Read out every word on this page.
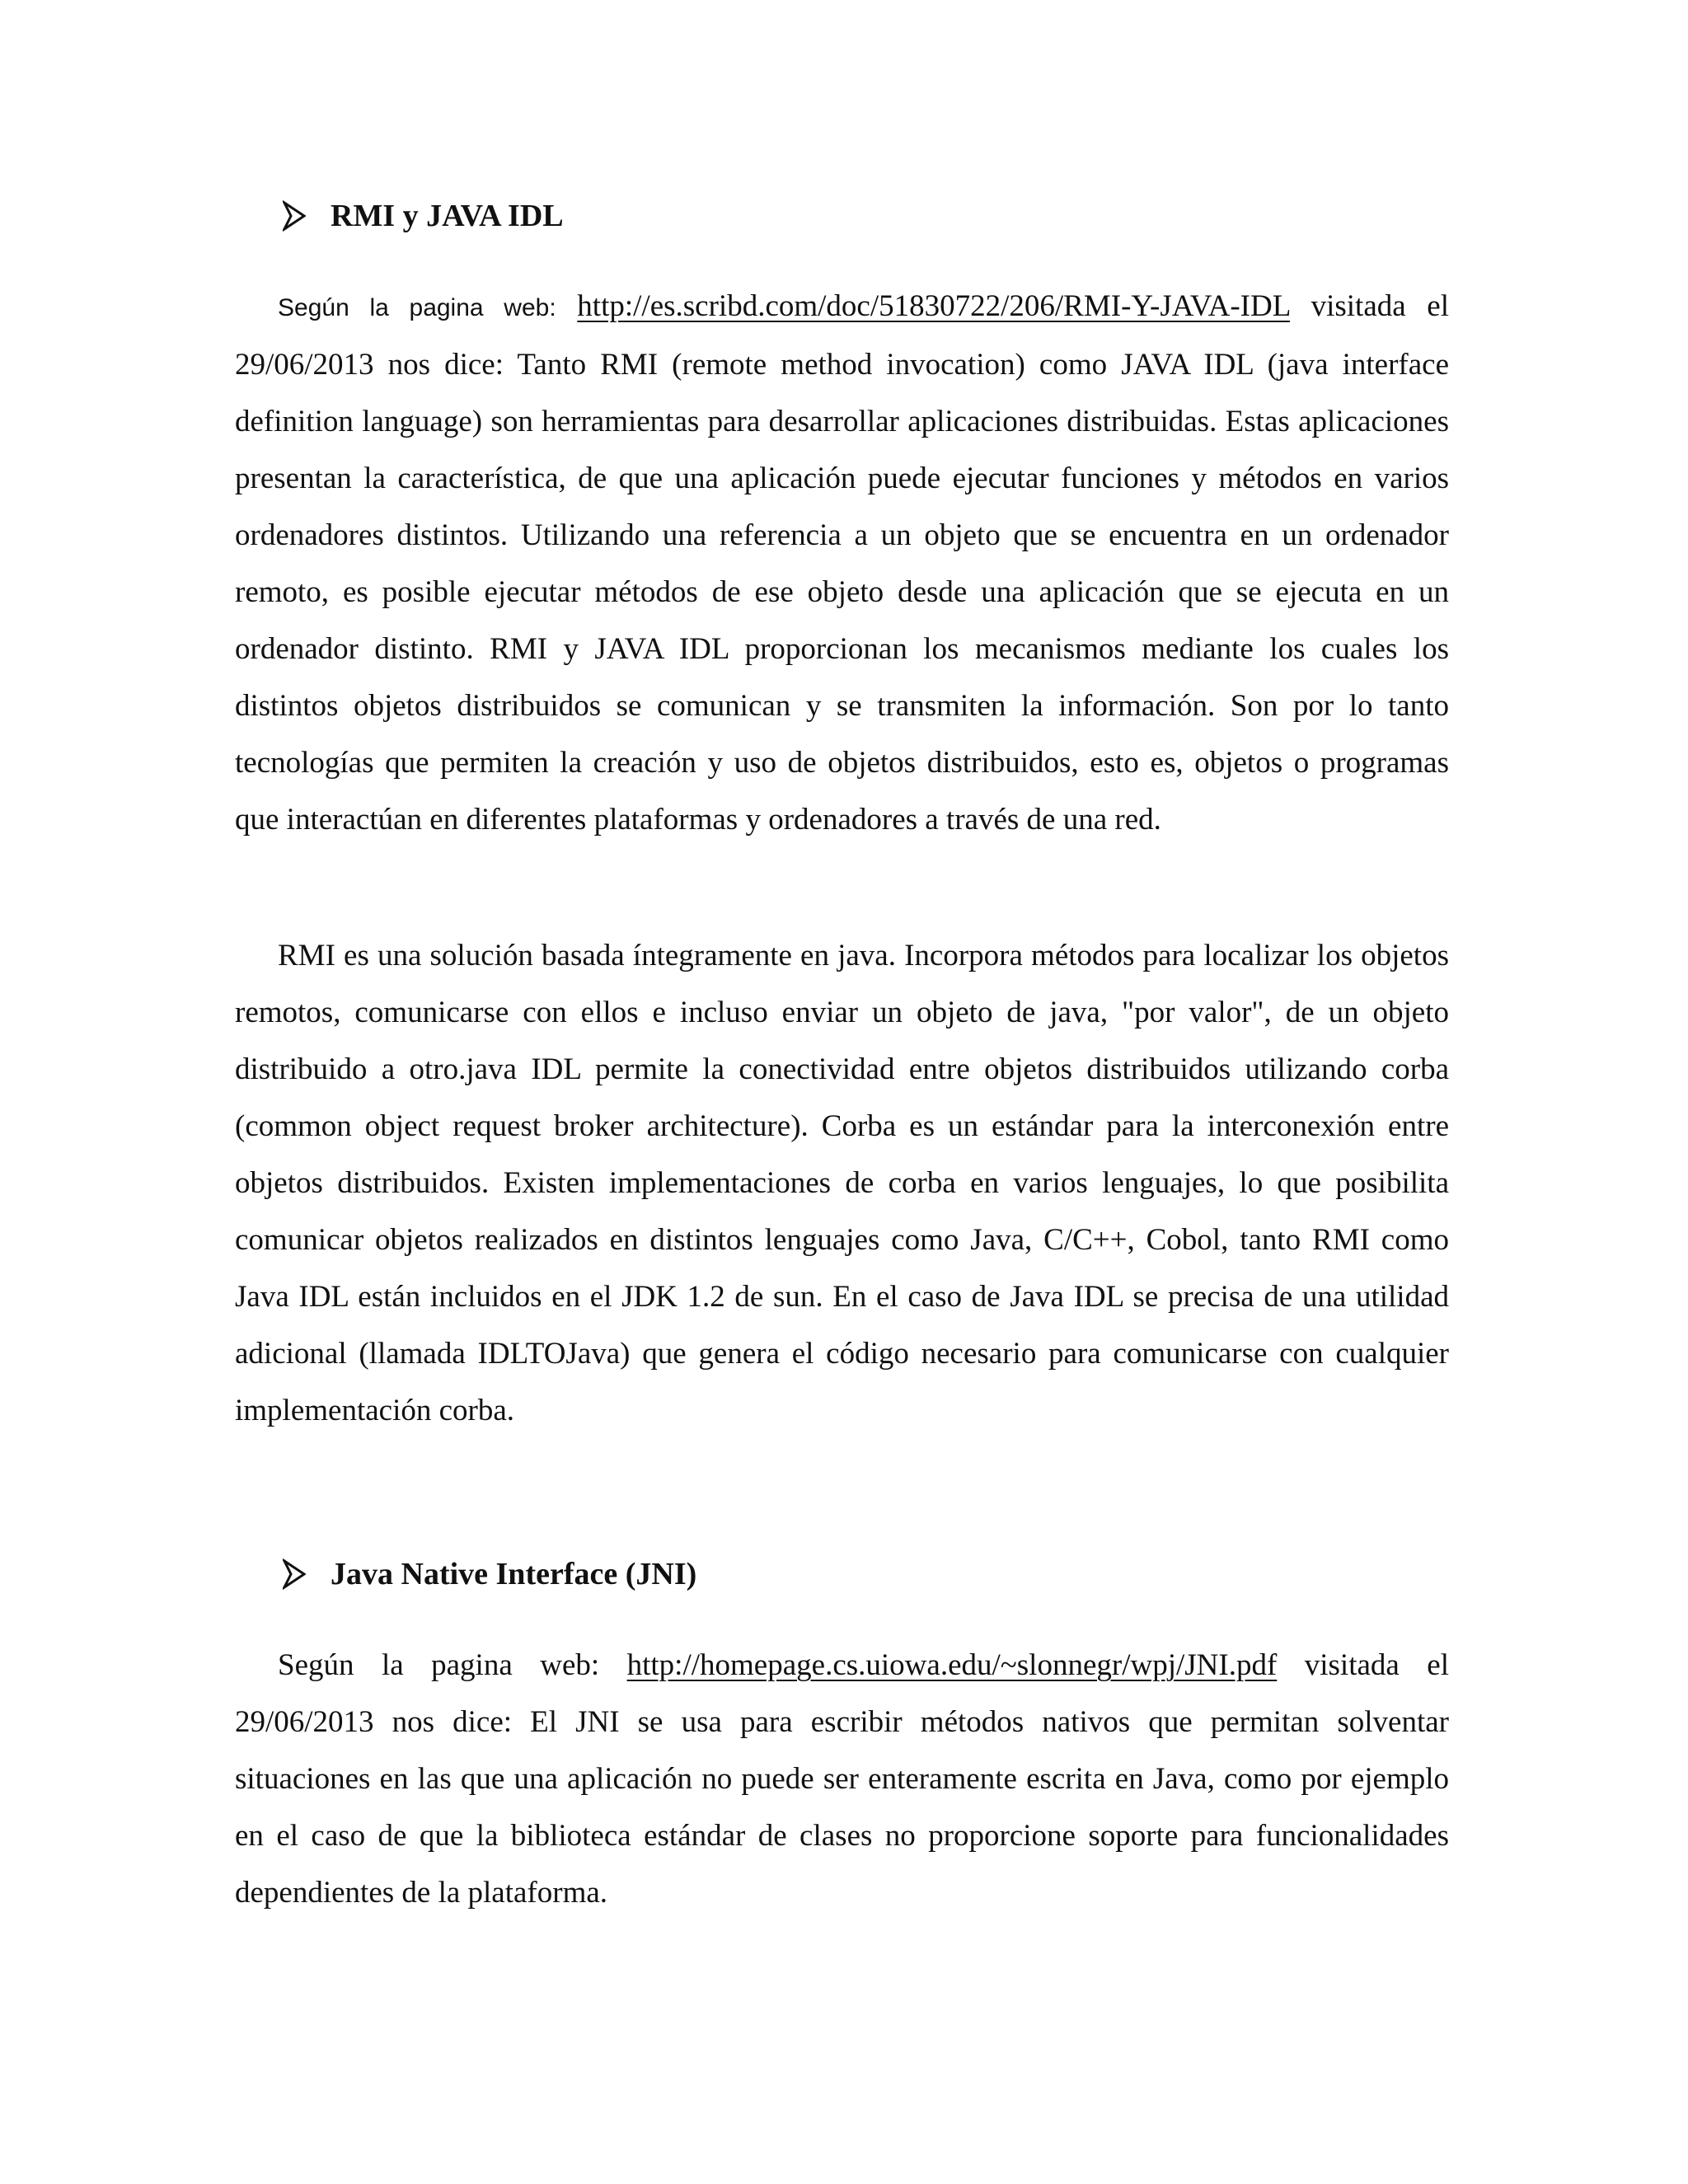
RMI y JAVA IDL

Según la pagina web: http://es.scribd.com/doc/51830722/206/RMI-Y-JAVA-IDL visitada el 29/06/2013 nos dice: Tanto RMI (remote method invocation) como JAVA IDL (java interface definition language) son herramientas para desarrollar aplicaciones distribuidas. Estas aplicaciones presentan la característica, de que una aplicación puede ejecutar funciones y métodos en varios ordenadores distintos. Utilizando una referencia a un objeto que se encuentra en un ordenador remoto, es posible ejecutar métodos de ese objeto desde una aplicación que se ejecuta en un ordenador distinto. RMI y JAVA IDL proporcionan los mecanismos mediante los cuales los distintos objetos distribuidos se comunican y se transmiten la información. Son por lo tanto tecnologías que permiten la creación y uso de objetos distribuidos, esto es, objetos o programas que interactúan en diferentes plataformas y ordenadores a través de una red.

RMI es una solución basada íntegramente en java. Incorpora métodos para localizar los objetos remotos, comunicarse con ellos e incluso enviar un objeto de java, "por valor", de un objeto distribuido a otro.java IDL permite la conectividad entre objetos distribuidos utilizando corba (common object request broker architecture). Corba es un estándar para la interconexión entre objetos distribuidos. Existen implementaciones de corba en varios lenguajes, lo que posibilita comunicar objetos realizados en distintos lenguajes como Java, C/C++, Cobol, tanto RMI como Java IDL están incluidos en el JDK 1.2 de sun. En el caso de Java IDL se precisa de una utilidad adicional (llamada IDLTOJava) que genera el código necesario para comunicarse con cualquier implementación corba.

Java Native Interface (JNI)

Según la pagina web: http://homepage.cs.uiowa.edu/~slonnegr/wpj/JNI.pdf visitada el 29/06/2013 nos dice: El JNI se usa para escribir métodos nativos que permitan solventar situaciones en las que una aplicación no puede ser enteramente escrita en Java, como por ejemplo en el caso de que la biblioteca estándar de clases no proporcione soporte para funcionalidades dependientes de la plataforma.
